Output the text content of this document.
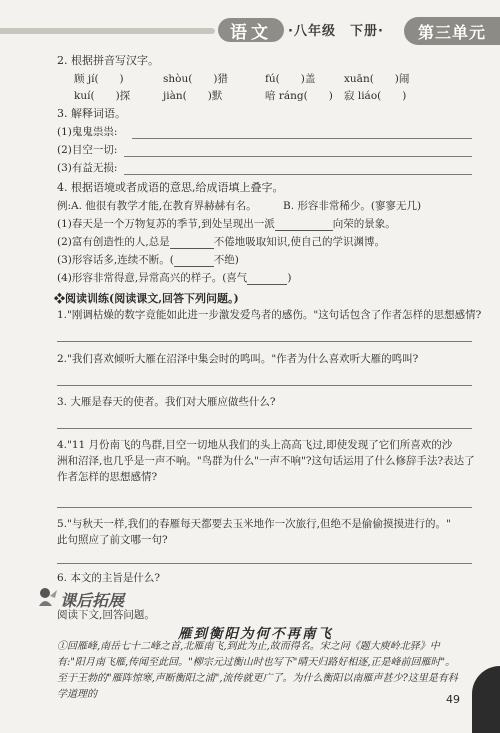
语文	·八年级　下册·	第三单元
2. 根据拼音写汉字。
顾 jí(　　)	shòu(　　)猎	fú(　　)盖	xuān(　　)闹
kuí(　　)探	jiàn(　　)默	喑 ráng(　　) 寂 liáo(　　)
3. 解释词语。
(1)鬼鬼祟祟:
(2)目空一切:
(3)有益无损:
4. 根据语境或者成语的意思,给成语填上叠字。
例:A. 他很有教学才能,在教育界赫赫有名。	B. 形容非常稀少。(寥寥无几)
(1)春天是一个万物复苏的季节,到处呈现出一派	向荣的景象。
(2)富有创造性的人,总是	不倦地吸取知识,使自己的学识渊博。
(3)形容话多,连续不断。(	不绝)
(4)形容非常得意,异常高兴的样子。(喜气	)
❖阅读训练(阅读课文,回答下列问题。)
1."刚调枯燥的数字竟能如此进一步激发爱鸟者的感伤。"这句话包含了作者怎样的思想感情?
2."我们喜欢倾听大雁在沼泽中集会时的鸣叫。"作者为什么喜欢听大雁的鸣叫?
3. 大雁是春天的使者。我们对大雁应做些什么?
4."11 月份南飞的鸟群,目空一切地从我们的头上高高飞过,即使发现了它们所喜欢的沙
洲和沼泽,也几乎是一声不响。"鸟群为什么"一声不响"?这句话运用了什么修辞手法?表达了
作者怎样的思想感情?
5."与秋天一样,我们的春雁每天都要去玉米地作一次旅行,但绝不是偷偷摸摸进行的。"
此句照应了前文哪一句?
6. 本文的主旨是什么?
课后拓展
阅读下文,回答问题。
雁到衡阳为何不再南飞
①回雁峰,南岳七十二峰之首,北雁南飞,到此为止,故而得名。宋之问《题大庾岭北驿》中
有:"阳月南飞雁,传闻至此回。"柳宗元过衡山时也写下"晴天归路好相逐,正是峰前回雁时"。
至于王勃的"雁阵惊寒,声断衡阳之浦",流传就更广了。为什么衡阳以南雁声甚少?这里是有科
学道理的	49
